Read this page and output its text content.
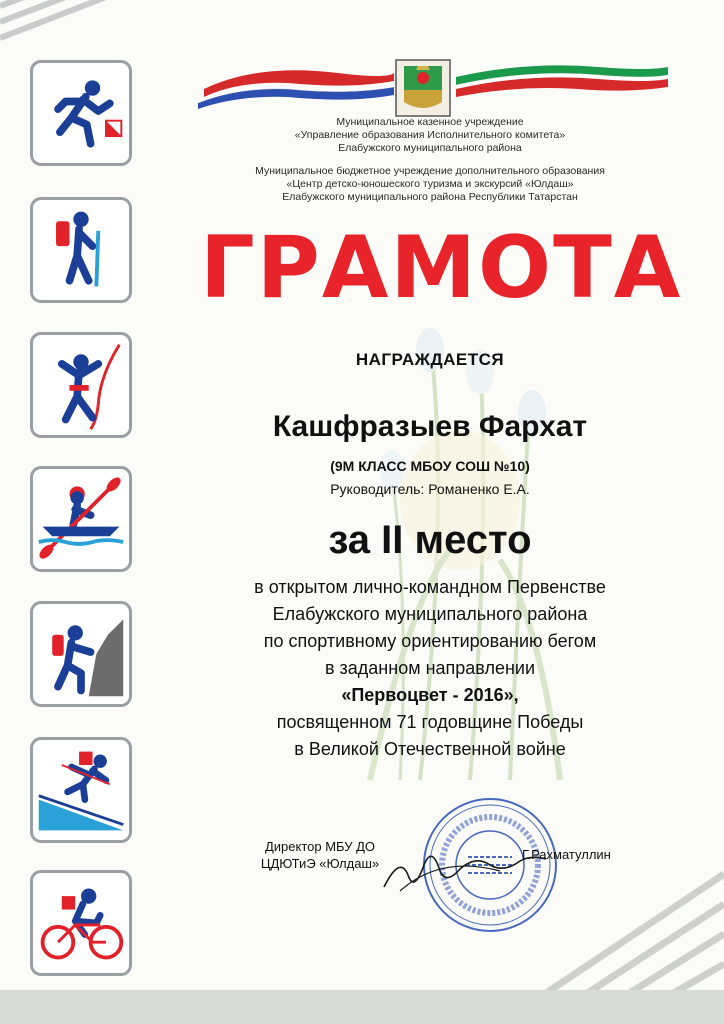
Муниципальное казенное учреждение
«Управление образования Исполнительного комитета»
Елабужского муниципального района
Муниципальное бюджетное учреждение дополнительного образования
«Центр детско-юношеского туризма и экскурсий «Юлдаш»
Елабужского муниципального района Республики Татарстан
ГРАМОТА
НАГРАЖДАЕТСЯ
Кашфразыев Фархат
(9М КЛАСС МБОУ СОШ №10)
Руководитель: Романенко Е.А.
за II место
в открытом лично-командном Первенстве
Елабужского муниципального района
по спортивному ориентированию бегом
в заданном направлении
«Первоцвет - 2016»,
посвященном 71 годовщине Победы
в Великой Отечественной войне
Директор МБУ ДО
ЦДЮТиЭ «Юлдаш»
Г.Рахматуллин
